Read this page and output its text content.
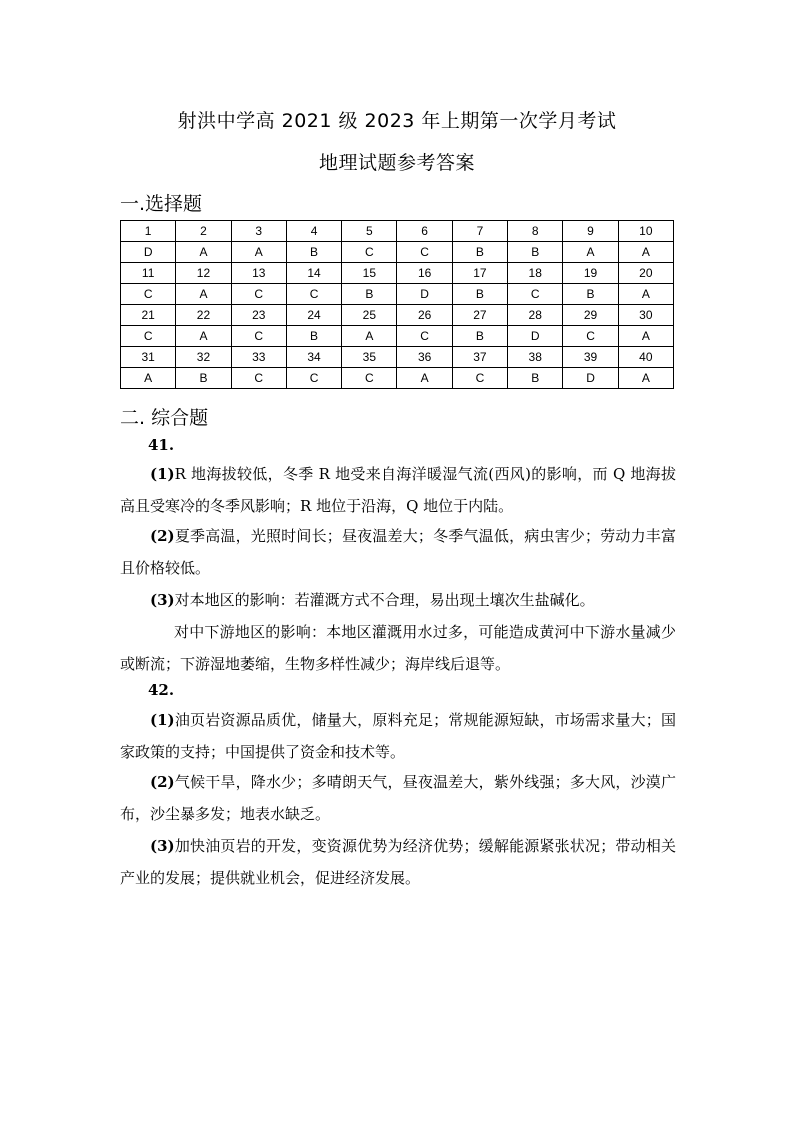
射洪中学高 2021 级 2023 年上期第一次学月考试
地理试题参考答案
一.选择题
1	2	3	4	5	6	7	8	9	10
D	A	A	B	C	C	B	B	A	A
11	12	13	14	15	16	17	18	19	20
C	A	C	C	B	D	B	C	B	A
21	22	23	24	25	26	27	28	29	30
C	A	C	B	A	C	B	D	C	A
31	32	33	34	35	36	37	38	39	40
A	B	C	C	C	A	C	B	D	A
二. 综合题
41.
(1)R 地海拔较低，冬季 R 地受来自海洋暖湿气流(西风)的影响，而 Q 地海拔高且受寒冷的冬季风影响；R 地位于沿海，Q 地位于内陆。
(2)夏季高温，光照时间长；昼夜温差大；冬季气温低，病虫害少；劳动力丰富且价格较低。
(3)对本地区的影响：若灌溉方式不合理，易出现土壤次生盐碱化。
对中下游地区的影响：本地区灌溉用水过多，可能造成黄河中下游水量减少或断流；下游湿地萎缩，生物多样性减少；海岸线后退等。
42.
(1)油页岩资源品质优，储量大，原料充足；常规能源短缺，市场需求量大；国家政策的支持；中国提供了资金和技术等。
(2)气候干旱，降水少；多晴朗天气，昼夜温差大，紫外线强；多大风，沙漠广布，沙尘暴多发；地表水缺乏。
(3)加快油页岩的开发，变资源优势为经济优势；缓解能源紧张状况；带动相关产业的发展；提供就业机会，促进经济发展。
